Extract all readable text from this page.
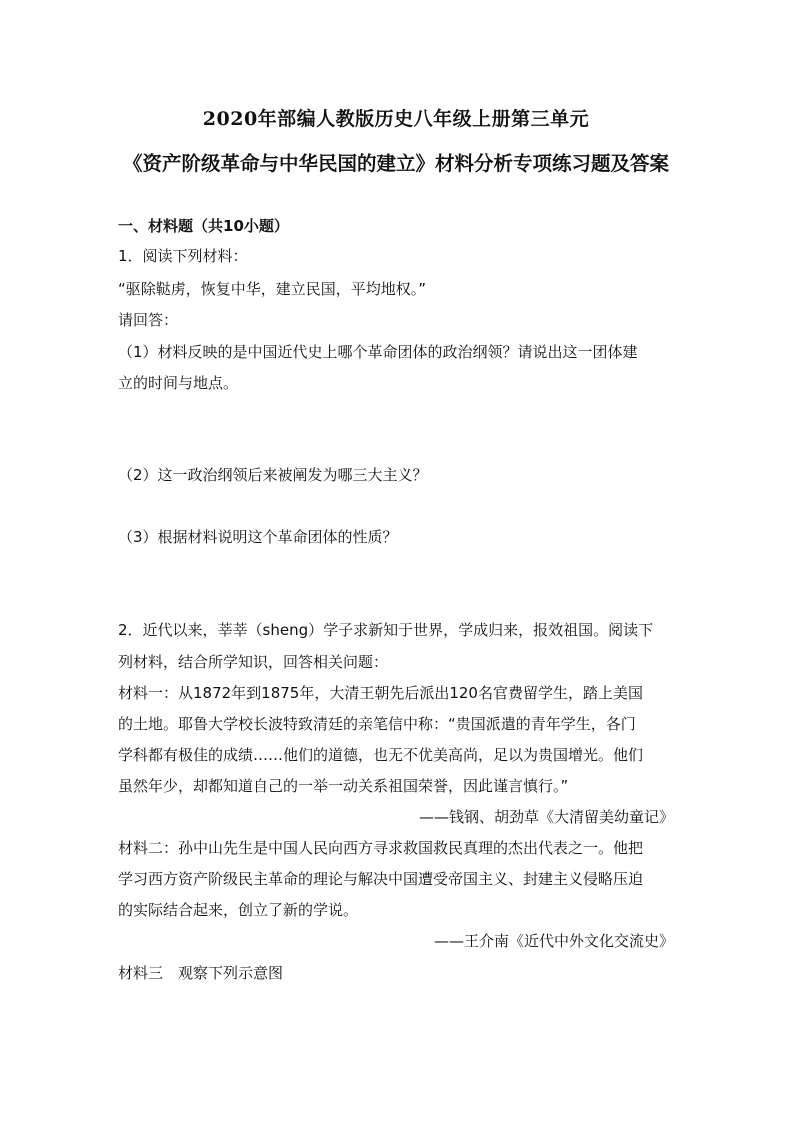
2020年部编人教版历史八年级上册第三单元
《资产阶级革命与中华民国的建立》材料分析专项练习题及答案
一、材料题（共10小题）
1．阅读下列材料：
“驱除鞑虏，恢复中华，建立民国，平均地权。”
请回答：
（1）材料反映的是中国近代史上哪个革命团体的政治纲领？请说出这一团体建
立的时间与地点。
（2）这一政治纲领后来被阐发为哪三大主义？
（3）根据材料说明这个革命团体的性质？
2．近代以来，莘莘（sheng）学子求新知于世界，学成归来，报效祖国。阅读下
列材料，结合所学知识，回答相关问题：
材料一：从1872年到1875年，大清王朝先后派出120名官费留学生，踏上美国
的土地。耶鲁大学校长波特致清廷的亲笔信中称：“贵国派遣的青年学生，各门
学科都有极佳的成绩……他们的道德，也无不优美高尚，足以为贵国增光。他们
虽然年少，却都知道自己的一举一动关系祖国荣誉，因此谨言慎行。”
——钱钢、胡劲草《大清留美幼童记》
材料二：孙中山先生是中国人民向西方寻求救国救民真理的杰出代表之一。他把
学习西方资产阶级民主革命的理论与解决中国遭受帝国主义、封建主义侵略压迫
的实际结合起来，创立了新的学说。
——王介南《近代中外文化交流史》
材料三　观察下列示意图
